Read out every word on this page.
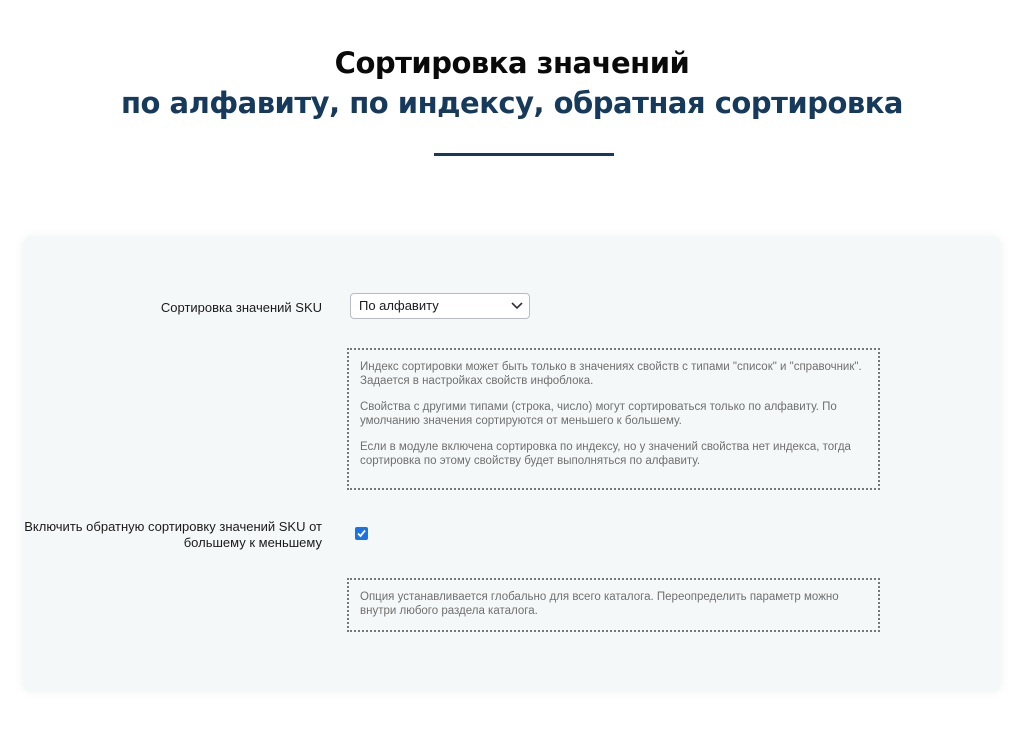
Сортировка значений
по алфавиту, по индексу, обратная сортировка
Сортировка значений SKU	По алфавиту

Индекс сортировки может быть только в значениях свойств с типами "список" и "справочник". Задается в настройках свойств инфоблока.

Свойства с другими типами (строка, число) могут сортироваться только по алфавиту. По умолчанию значения сортируются от меньшего к большему.

Если в модуле включена сортировка по индексу, но у значений свойства нет индекса, тогда сортировка по этому свойству будет выполняться по алфавиту.

Включить обратную сортировку значений SKU от большему к меньшему

Опция устанавливается глобально для всего каталога. Переопределить параметр можно внутри любого раздела каталога.
